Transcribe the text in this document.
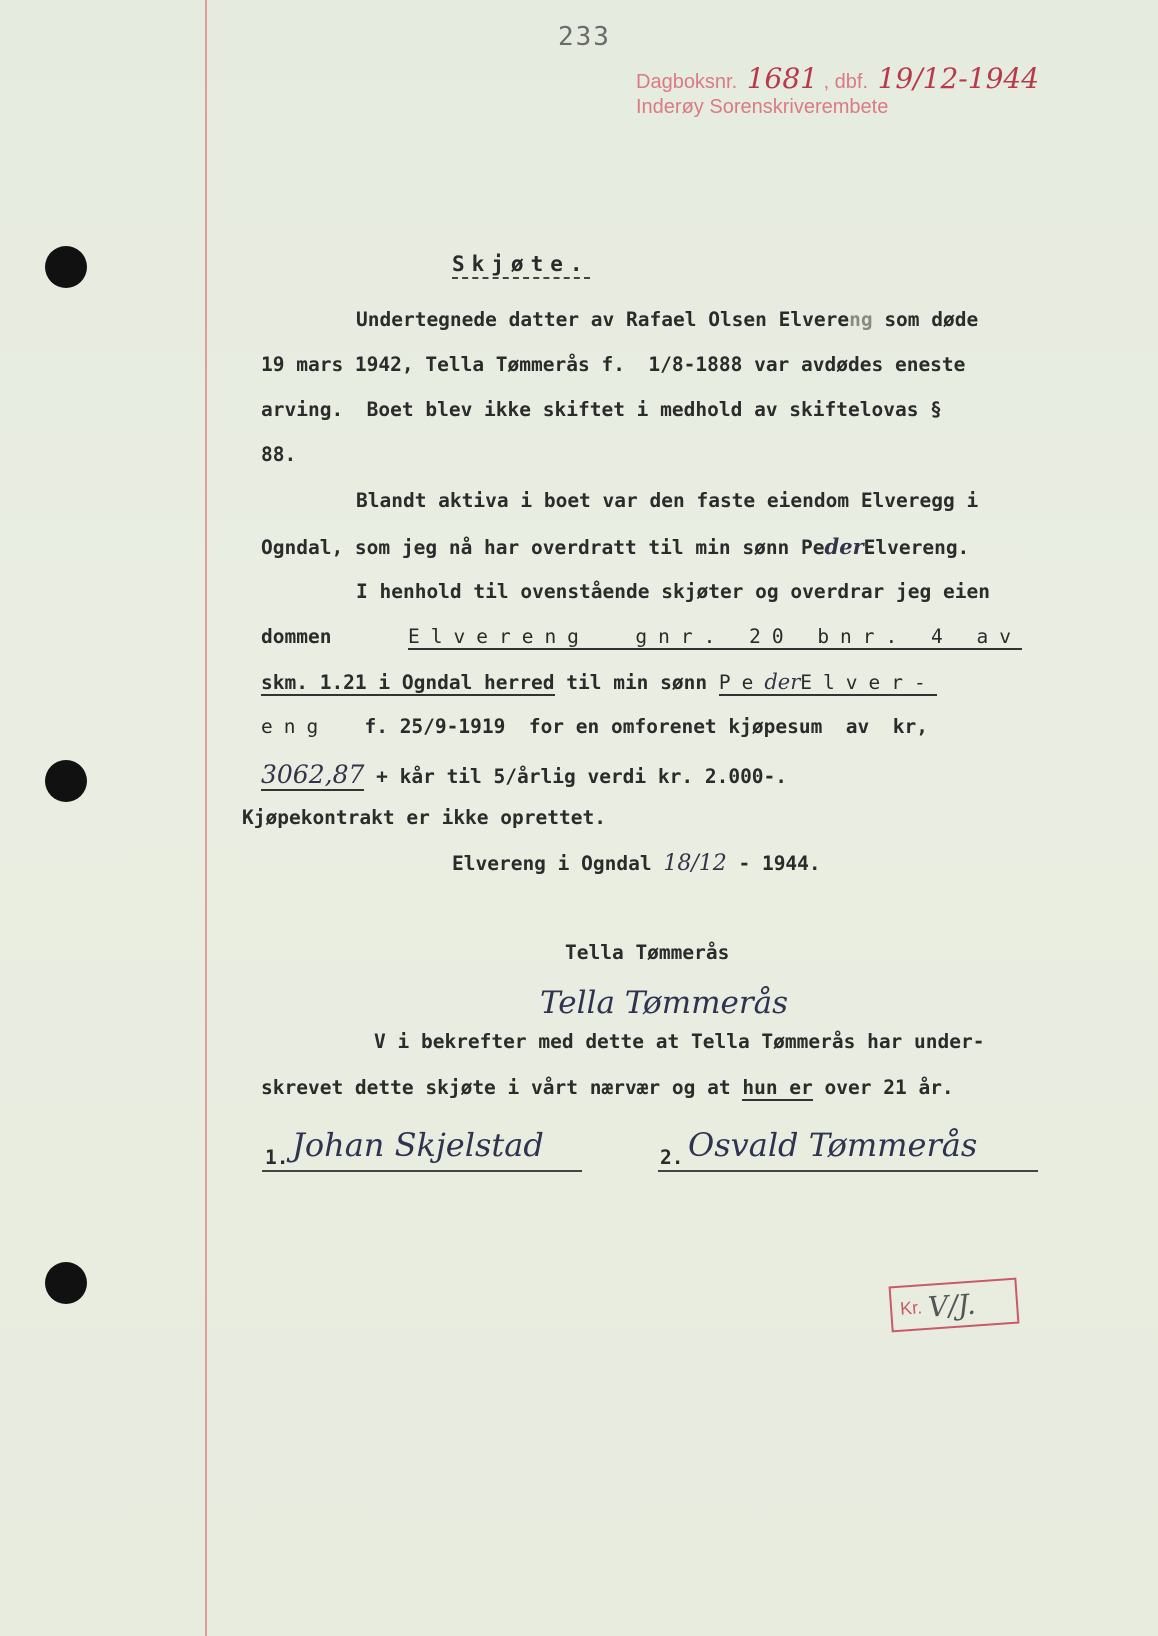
233
Dagboksnr. 1681 , dbf. 19/12-1944
Inderøy Sorenskriverembete
Skjøte.
Undertegnede datter av Rafael Olsen Elvereng som døde
19 mars 1942, Tella Tømmerås f.  1/8-1888 var avdødes eneste
arving.  Boet blev ikke skiftet i medhold av skiftelovas §
88.
Blandt aktiva i boet var den faste eiendom Elveregg i
Ogndal, som jeg nå har overdratt til min sønn PederElvereng.
I henhold til ovenstående skjøter og overdrar jeg eien
dommen	Elvereng  gnr. 20 bnr. 4 av
skm. 1.21 i Ogndal herred til min sønn PederElver-
eng f. 25/9-1919  for en omforenet kjøpesum  av  kr,
3062,87 + kår til 5/årlig verdi kr. 2.000-.
Kjøpekontrakt er ikke oprettet.
Elvereng i Ogndal 18/12 - 1944.
Tella Tømmerås
Tella Tømmerås
V i bekrefter med dette at Tella Tømmerås har under-
skrevet dette skjøte i vårt nærvær og at hun er over 21 år.
1. Johan Skjelstad	2. Osvald Tømmerås
Kr. V/J.
